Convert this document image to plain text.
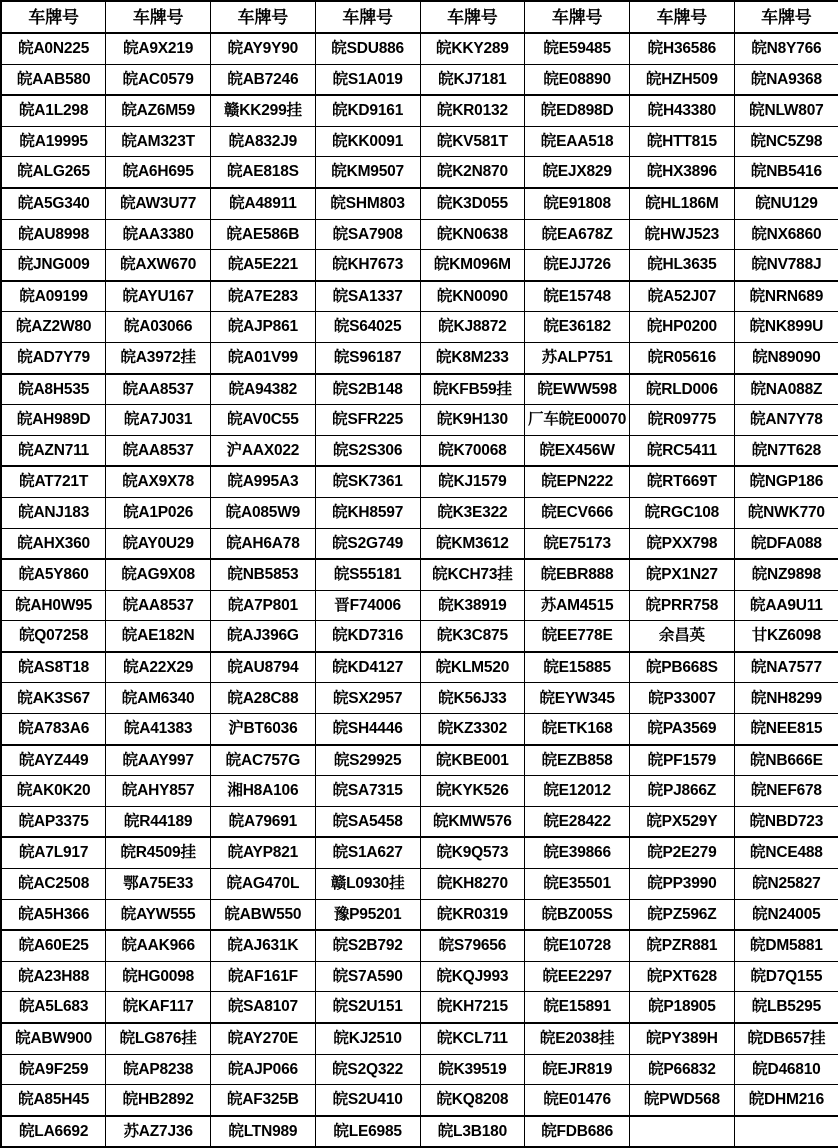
车牌号	车牌号	车牌号	车牌号	车牌号	车牌号	车牌号	车牌号
皖A0N225	皖A9X219	皖AY9Y90	皖SDU886	皖KKY289	皖E59485	皖H36586	皖N8Y766
皖AAB580	皖AC0579	皖AB7246	皖S1A019	皖KJ7181	皖E08890	皖HZH509	皖NA9368
皖A1L298	皖AZ6M59	赣KK299挂	皖KD9161	皖KR0132	皖ED898D	皖H43380	皖NLW807
皖A19995	皖AM323T	皖A832J9	皖KK0091	皖KV581T	皖EAA518	皖HTT815	皖NC5Z98
皖ALG265	皖A6H695	皖AE818S	皖KM9507	皖K2N870	皖EJX829	皖HX3896	皖NB5416
皖A5G340	皖AW3U77	皖A48911	皖SHM803	皖K3D055	皖E91808	皖HL186M	皖NU129
皖AU8998	皖AA3380	皖AE586B	皖SA7908	皖KN0638	皖EA678Z	皖HWJ523	皖NX6860
皖JNG009	皖AXW670	皖A5E221	皖KH7673	皖KM096M	皖EJJ726	皖HL3635	皖NV788J
皖A09199	皖AYU167	皖A7E283	皖SA1337	皖KN0090	皖E15748	皖A52J07	皖NRN689
皖AZ2W80	皖A03066	皖AJP861	皖S64025	皖KJ8872	皖E36182	皖HP0200	皖NK899U
皖AD7Y79	皖A3972挂	皖A01V99	皖S96187	皖K8M233	苏ALP751	皖R05616	皖N89090
皖A8H535	皖AA8537	皖A94382	皖S2B148	皖KFB59挂	皖EWW598	皖RLD006	皖NA088Z
皖AH989D	皖A7J031	皖AV0C55	皖SFR225	皖K9H130	厂车皖E00070	皖R09775	皖AN7Y78
皖AZN711	皖AA8537	沪AAX022	皖S2S306	皖K70068	皖EX456W	皖RC5411	皖N7T628
皖AT721T	皖AX9X78	皖A995A3	皖SK7361	皖KJ1579	皖EPN222	皖RT669T	皖NGP186
皖ANJ183	皖A1P026	皖A085W9	皖KH8597	皖K3E322	皖ECV666	皖RGC108	皖NWK770
皖AHX360	皖AY0U29	皖AH6A78	皖S2G749	皖KM3612	皖E75173	皖PXX798	皖DFA088
皖A5Y860	皖AG9X08	皖NB5853	皖S55181	皖KCH73挂	皖EBR888	皖PX1N27	皖NZ9898
皖AH0W95	皖AA8537	皖A7P801	晋F74006	皖K38919	苏AM4515	皖PRR758	皖AA9U11
皖Q07258	皖AE182N	皖AJ396G	皖KD7316	皖K3C875	皖EE778E	余昌英	甘KZ6098
皖AS8T18	皖A22X29	皖AU8794	皖KD4127	皖KLM520	皖E15885	皖PB668S	皖NA7577
皖AK3S67	皖AM6340	皖A28C88	皖SX2957	皖K56J33	皖EYW345	皖P33007	皖NH8299
皖A783A6	皖A41383	沪BT6036	皖SH4446	皖KZ3302	皖ETK168	皖PA3569	皖NEE815
皖AYZ449	皖AAY997	皖AC757G	皖S29925	皖KBE001	皖EZB858	皖PF1579	皖NB666E
皖AK0K20	皖AHY857	湘H8A106	皖SA7315	皖KYK526	皖E12012	皖PJ866Z	皖NEF678
皖AP3375	皖R44189	皖A79691	皖SA5458	皖KMW576	皖E28422	皖PX529Y	皖NBD723
皖A7L917	皖R4509挂	皖AYP821	皖S1A627	皖K9Q573	皖E39866	皖P2E279	皖NCE488
皖AC2508	鄂A75E33	皖AG470L	赣L0930挂	皖KH8270	皖E35501	皖PP3990	皖N25827
皖A5H366	皖AYW555	皖ABW550	豫P95201	皖KR0319	皖BZ005S	皖PZ596Z	皖N24005
皖A60E25	皖AAK966	皖AJ631K	皖S2B792	皖S79656	皖E10728	皖PZR881	皖DM5881
皖A23H88	皖HG0098	皖AF161F	皖S7A590	皖KQJ993	皖EE2297	皖PXT628	皖D7Q155
皖A5L683	皖KAF117	皖SA8107	皖S2U151	皖KH7215	皖E15891	皖P18905	皖LB5295
皖ABW900	皖LG876挂	皖AY270E	皖KJ2510	皖KCL711	皖E2038挂	皖PY389H	皖DB657挂
皖A9F259	皖AP8238	皖AJP066	皖S2Q322	皖K39519	皖EJR819	皖P66832	皖D46810
皖A85H45	皖HB2892	皖AF325B	皖S2U410	皖KQ8208	皖E01476	皖PWD568	皖DHM216
皖LA6692	苏AZ7J36	皖LTN989	皖LE6985	皖L3B180	皖FDB686		
